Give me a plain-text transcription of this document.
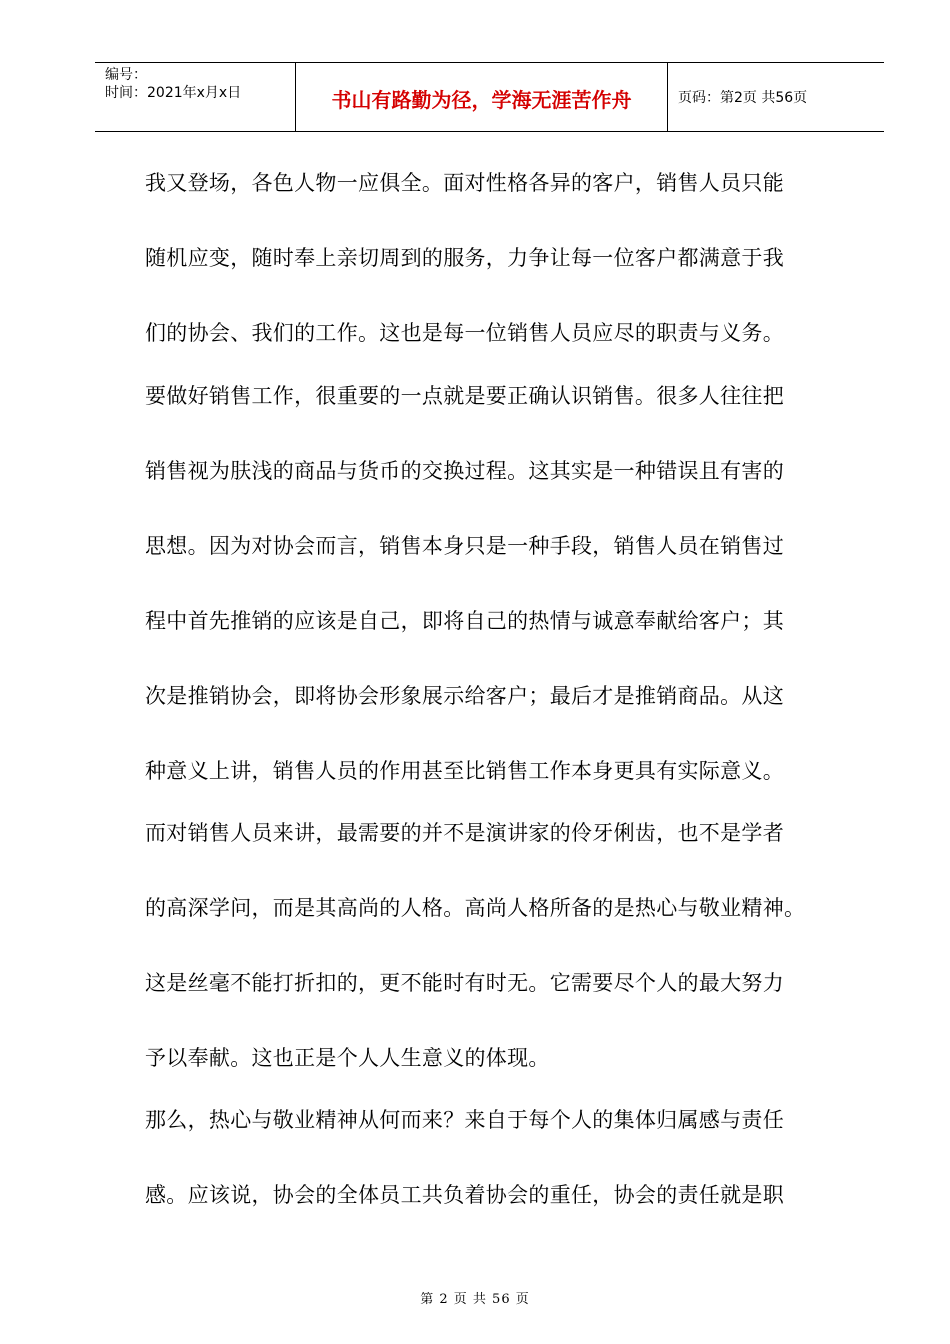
编号：
时间：2021年x月x日	书山有路勤为径，学海无涯苦作舟	页码：第2页 共56页
我又登场，各色人物一应俱全。面对性格各异的客户，销售人员只能
随机应变，随时奉上亲切周到的服务，力争让每一位客户都满意于我
们的协会、我们的工作。这也是每一位销售人员应尽的职责与义务。
要做好销售工作，很重要的一点就是要正确认识销售。很多人往往把
销售视为肤浅的商品与货币的交换过程。这其实是一种错误且有害的
思想。因为对协会而言，销售本身只是一种手段，销售人员在销售过
程中首先推销的应该是自己，即将自己的热情与诚意奉献给客户；其
次是推销协会，即将协会形象展示给客户；最后才是推销商品。从这
种意义上讲，销售人员的作用甚至比销售工作本身更具有实际意义。
而对销售人员来讲，最需要的并不是演讲家的伶牙俐齿，也不是学者
的高深学问，而是其高尚的人格。高尚人格所备的是热心与敬业精神。
这是丝毫不能打折扣的，更不能时有时无。它需要尽个人的最大努力
予以奉献。这也正是个人人生意义的体现。
那么，热心与敬业精神从何而来？来自于每个人的集体归属感与责任
感。应该说，协会的全体员工共负着协会的重任，协会的责任就是职
第 2 页 共 56 页
